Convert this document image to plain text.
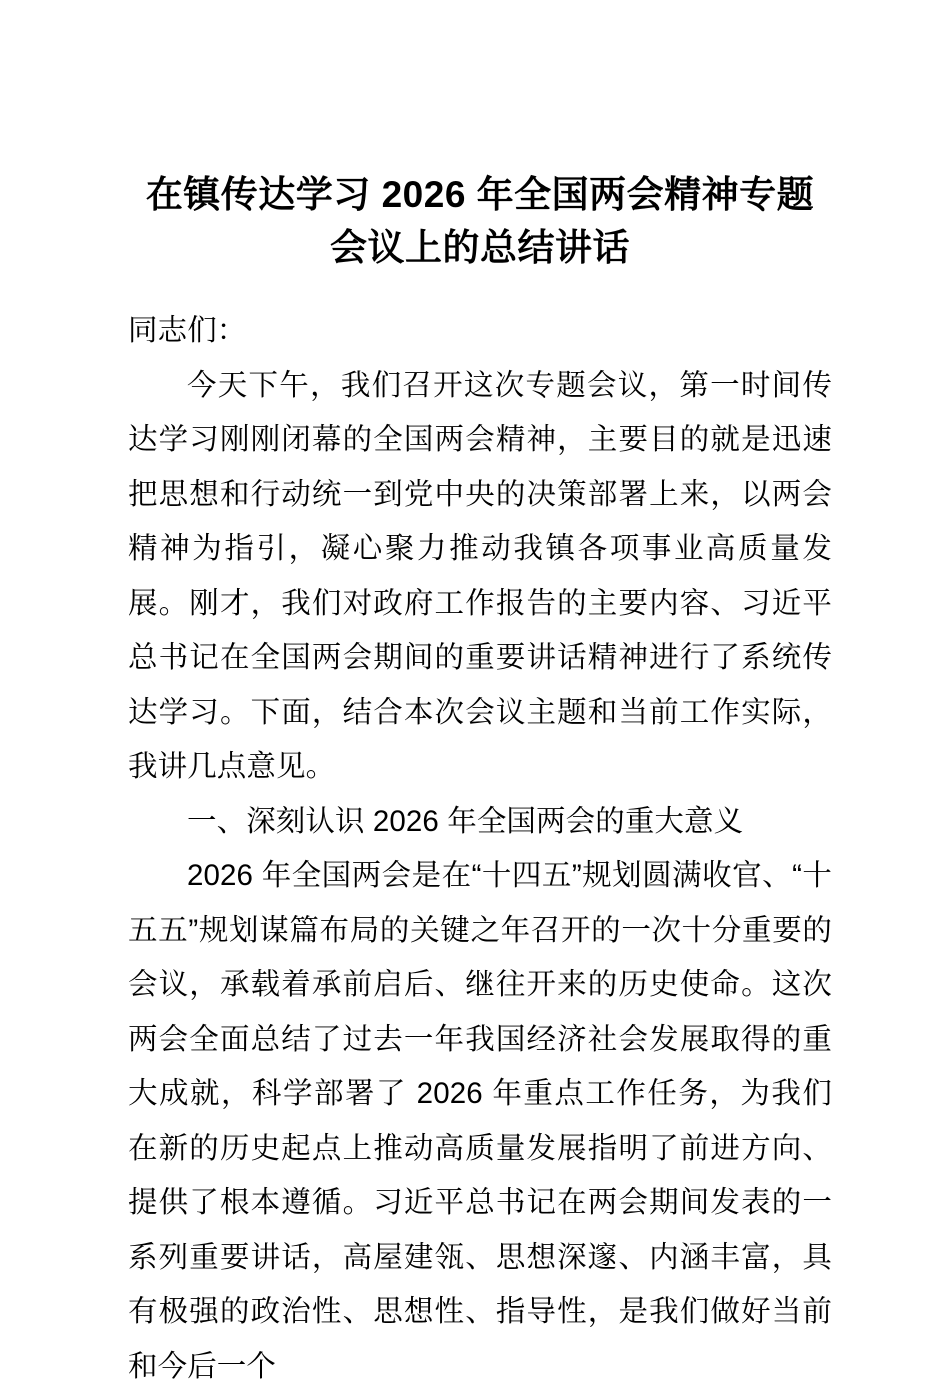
在镇传达学习 2026 年全国两会精神专题会议上的总结讲话

同志们：

今天下午，我们召开这次专题会议，第一时间传达学习刚刚闭幕的全国两会精神，主要目的就是迅速把思想和行动统一到党中央的决策部署上来，以两会精神为指引，凝心聚力推动我镇各项事业高质量发展。刚才，我们对政府工作报告的主要内容、习近平总书记在全国两会期间的重要讲话精神进行了系统传达学习。下面，结合本次会议主题和当前工作实际，我讲几点意见。

一、深刻认识 2026 年全国两会的重大意义

2026 年全国两会是在“十四五”规划圆满收官、“十五五”规划谋篇布局的关键之年召开的一次十分重要的会议，承载着承前启后、继往开来的历史使命。这次两会全面总结了过去一年我国经济社会发展取得的重大成就，科学部署了 2026 年重点工作任务，为我们在新的历史起点上推动高质量发展指明了前进方向、提供了根本遵循。习近平总书记在两会期间发表的一系列重要讲话，高屋建瓴、思想深邃、内涵丰富，具有极强的政治性、思想性、指导性，是我们做好当前和今后一个
